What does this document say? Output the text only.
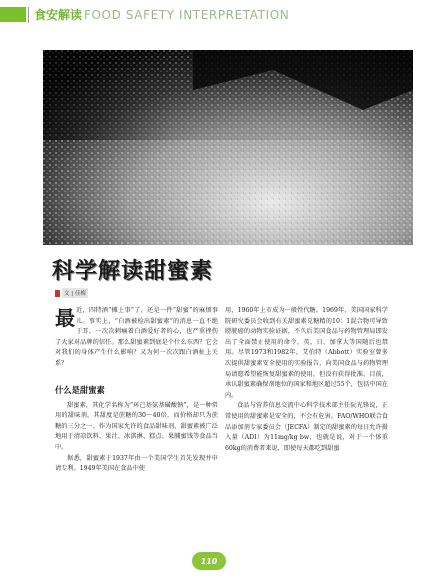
食安解读 FOOD SAFETY INTERPRETATION
科学解读甜蜜素
文 | 佳梅

最近，四特酒“摊上事”了，还是一件“甜蜜”的麻烦事儿。事实上，“白酒被检出甜蜜素”的消息一直不绝于耳，一次次刺痛着白酒爱好者的心，也严重挫伤了大家对品牌的信任。那么甜蜜素到底是个什么东西？它会对我们的身体产生什么影响？又为何一次次跟白酒扯上关系？

什么是甜蜜素

甜蜜素，其化学名称为“环己基氨基磺酸钠”，是一种常用的甜味剂，其甜度是蔗糖的30～40倍，而价格却只为蔗糖的三分之一。作为国家允许的食品甜味剂，甜蜜素被广泛地用于清凉饮料、果汁、冰淇淋、糕点、果脯蜜饯等食品当中。

据悉，甜蜜素于1937年由一个美国学生首先发现并申请专利。1949年美国在食品中使

用，1960年上市成为一般性代糖。1969年，美国国家科学院研究委员会收到有关甜蜜素兑糖精的10：1混合物可导致膀胱癌的动物实验证据，不久后美国食品与药物管理局即发出了全面禁止使用的命令，英、日、加拿大等国随后也禁用。尽管1973和1982年，艾伯特（Abbott）实验室曾多次提供甜蜜素安全使用的实验报告，向美国食品与药物管理局请愿希望能恢复甜蜜素的使用，但没有获得批准。目前，承认甜蜜素确保剂地位的国家和地区超过55个，包括中国在内。

食品与营养信息交流中心科学技术部主任阮光锋说，正常使用的甜蜜素是安全的，不会有危害。FAO/WHO联合食品添加剂专家委员会（JECFA）制定的甜蜜素的每日允许摄入量（ADI）为11mg/kg bw，也就是说，对于一个体重60kg的消费者来说，即使每天都吃到甜蜜

110
